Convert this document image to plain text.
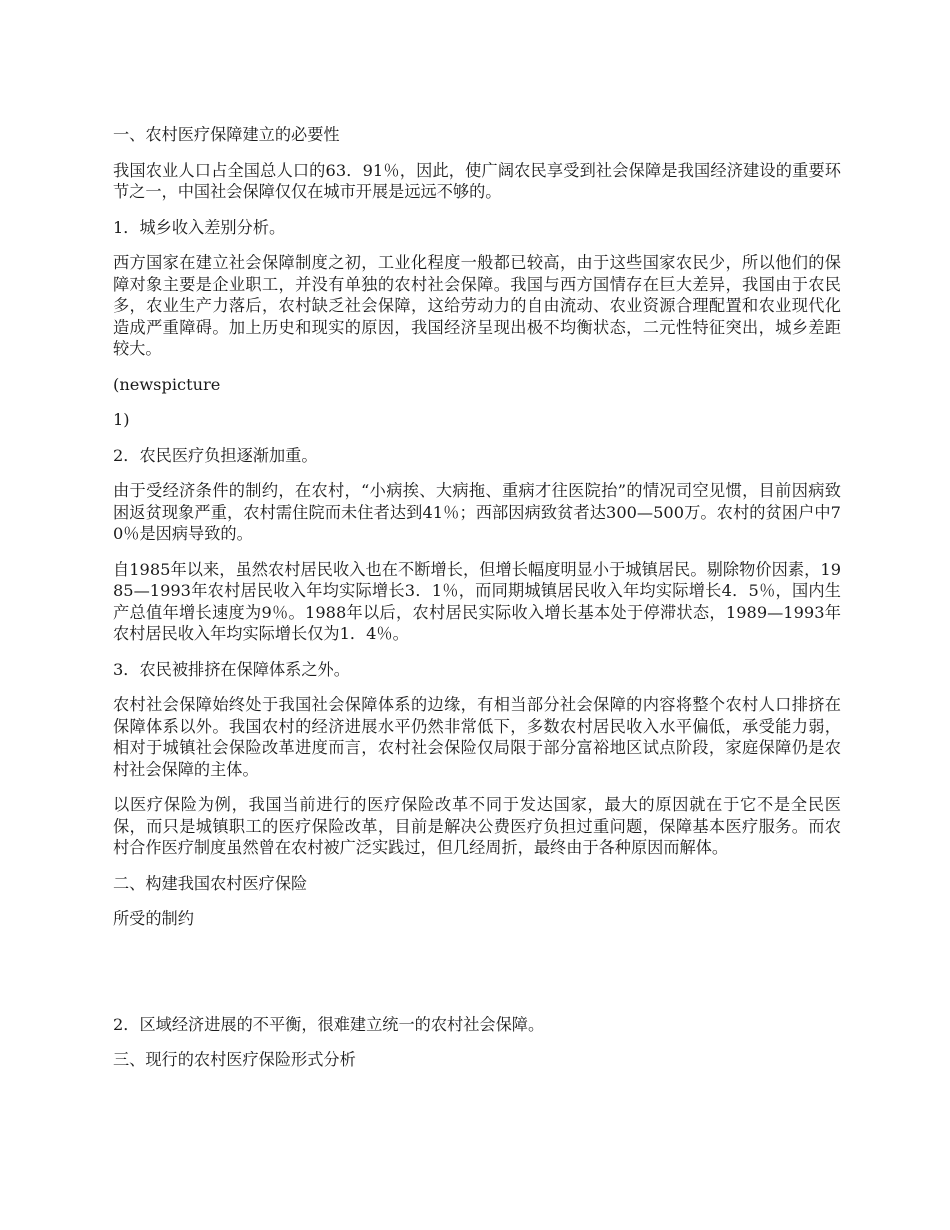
一、农村医疗保障建立的必要性

我国农业人口占全国总人口的63．91％，因此，使广阔农民享受到社会保障是我国经济建设的重要环节之一，中国社会保障仅仅在城市开展是远远不够的。

1．城乡收入差别分析。

西方国家在建立社会保障制度之初，工业化程度一般都已较高，由于这些国家农民少，所以他们的保障对象主要是企业职工，并没有单独的农村社会保障。我国与西方国情存在巨大差异，我国由于农民多，农业生产力落后，农村缺乏社会保障，这给劳动力的自由流动、农业资源合理配置和农业现代化造成严重障碍。加上历史和现实的原因，我国经济呈现出极不均衡状态，二元性特征突出，城乡差距较大。

(newspicture

1)

2．农民医疗负担逐渐加重。

由于受经济条件的制约，在农村，“小病挨、大病拖、重病才往医院抬”的情况司空见惯，目前因病致困返贫现象严重，农村需住院而未住者达到41％；西部因病致贫者达300—500万。农村的贫困户中70％是因病导致的。

自1985年以来，虽然农村居民收入也在不断增长，但增长幅度明显小于城镇居民。剔除物价因素，1985—1993年农村居民收入年均实际增长3．1％，而同期城镇居民收入年均实际增长4．5％，国内生产总值年增长速度为9％。1988年以后，农村居民实际收入增长基本处于停滞状态，1989—1993年农村居民收入年均实际增长仅为1．4％。

3．农民被排挤在保障体系之外。

农村社会保障始终处于我国社会保障体系的边缘，有相当部分社会保障的内容将整个农村人口排挤在保障体系以外。我国农村的经济进展水平仍然非常低下，多数农村居民收入水平偏低，承受能力弱，相对于城镇社会保险改革进度而言，农村社会保险仅局限于部分富裕地区试点阶段，家庭保障仍是农村社会保障的主体。

以医疗保险为例，我国当前进行的医疗保险改革不同于发达国家，最大的原因就在于它不是全民医保，而只是城镇职工的医疗保险改革，目前是解决公费医疗负担过重问题，保障基本医疗服务。而农村合作医疗制度虽然曾在农村被广泛实践过，但几经周折，最终由于各种原因而解体。

二、构建我国农村医疗保险

所受的制约

2．区域经济进展的不平衡，很难建立统一的农村社会保障。

三、现行的农村医疗保险形式分析
